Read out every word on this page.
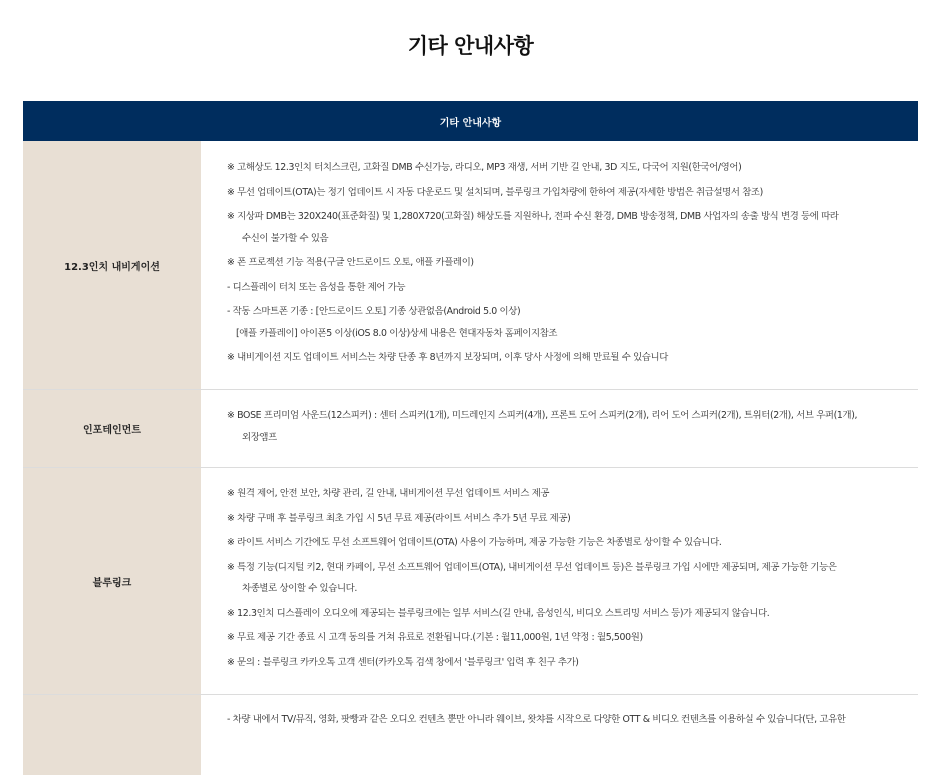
기타 안내사항
기타 안내사항
12.3인치 내비게이션

※ 고해상도 12.3인치 터치스크린, 고화질 DMB 수신가능, 라디오, MP3 재생, 서버 기반 길 안내, 3D 지도, 다국어 지원(한국어/영어)

※ 무선 업데이트(OTA)는 정기 업데이트 시 자동 다운로드 및 설치되며, 블루링크 가입차량에 한하여 제공(자세한 방법은 취급설명서 참조)

※ 지상파 DMB는 320X240(표준화질) 및 1,280X720(고화질) 해상도를 지원하나, 전파 수신 환경, DMB 방송정책, DMB 사업자의 송출 방식 변경 등에 따라

수신이 불가할 수 있음

※ 폰 프로젝션 기능 적용(구글 안드로이드 오토, 애플 카플레이)

- 디스플레이 터치 또는 음성을 통한 제어 가능

- 작동 스마트폰 기종 : [안드로이드 오토] 기종 상관없음(Android 5.0 이상)

[애플 카플레이] 아이폰5 이상(iOS 8.0 이상)상세 내용은 현대자동차 홈페이지참조

※ 내비게이션 지도 업데이트 서비스는 차량 단종 후 8년까지 보장되며, 이후 당사 사정에 의해 만료될 수 있습니다

인포테인먼트

※ BOSE 프리미엄 사운드(12스피커) : 센터 스피커(1개), 미드레인지 스피커(4개), 프론트 도어 스피커(2개), 리어 도어 스피커(2개), 트위터(2개), 서브 우퍼(1개),

외장앰프

블루링크

※ 원격 제어, 안전 보안, 차량 관리, 길 안내, 내비게이션 무선 업데이트 서비스 제공

※ 차량 구매 후 블루링크 최초 가입 시 5년 무료 제공(라이트 서비스 추가 5년 무료 제공)

※ 라이트 서비스 기간에도 무선 소프트웨어 업데이트(OTA) 사용이 가능하며, 제공 가능한 기능은 차종별로 상이할 수 있습니다.

※ 특정 기능(디지털 키2, 현대 카페이, 무선 소프트웨어 업데이트(OTA), 내비게이션 무선 업데이트 등)은 블루링크 가입 시에만 제공되며, 제공 가능한 기능은

차종별로 상이할 수 있습니다.

※ 12.3인치 디스플레이 오디오에 제공되는 블루링크에는 일부 서비스(길 안내, 음성인식, 비디오 스트리밍 서비스 등)가 제공되지 않습니다.

※ 무료 제공 기간 종료 시 고객 동의를 거쳐 유료로 전환됩니다.(기본 : 월11,000원, 1년 약정 : 월5,500원)

※ 문의 : 블루링크 카카오톡 고객 센터(카카오톡 검색 창에서 '블루링크' 입력 후 친구 추가)

- 차량 내에서 TV/뮤직, 영화, 팟빵과 같은 오디오 컨텐츠 뿐만 아니라 웨이브, 왓챠를 시작으로 다양한 OTT & 비디오 컨텐츠를 이용하실 수 있습니다(단, 고유한
